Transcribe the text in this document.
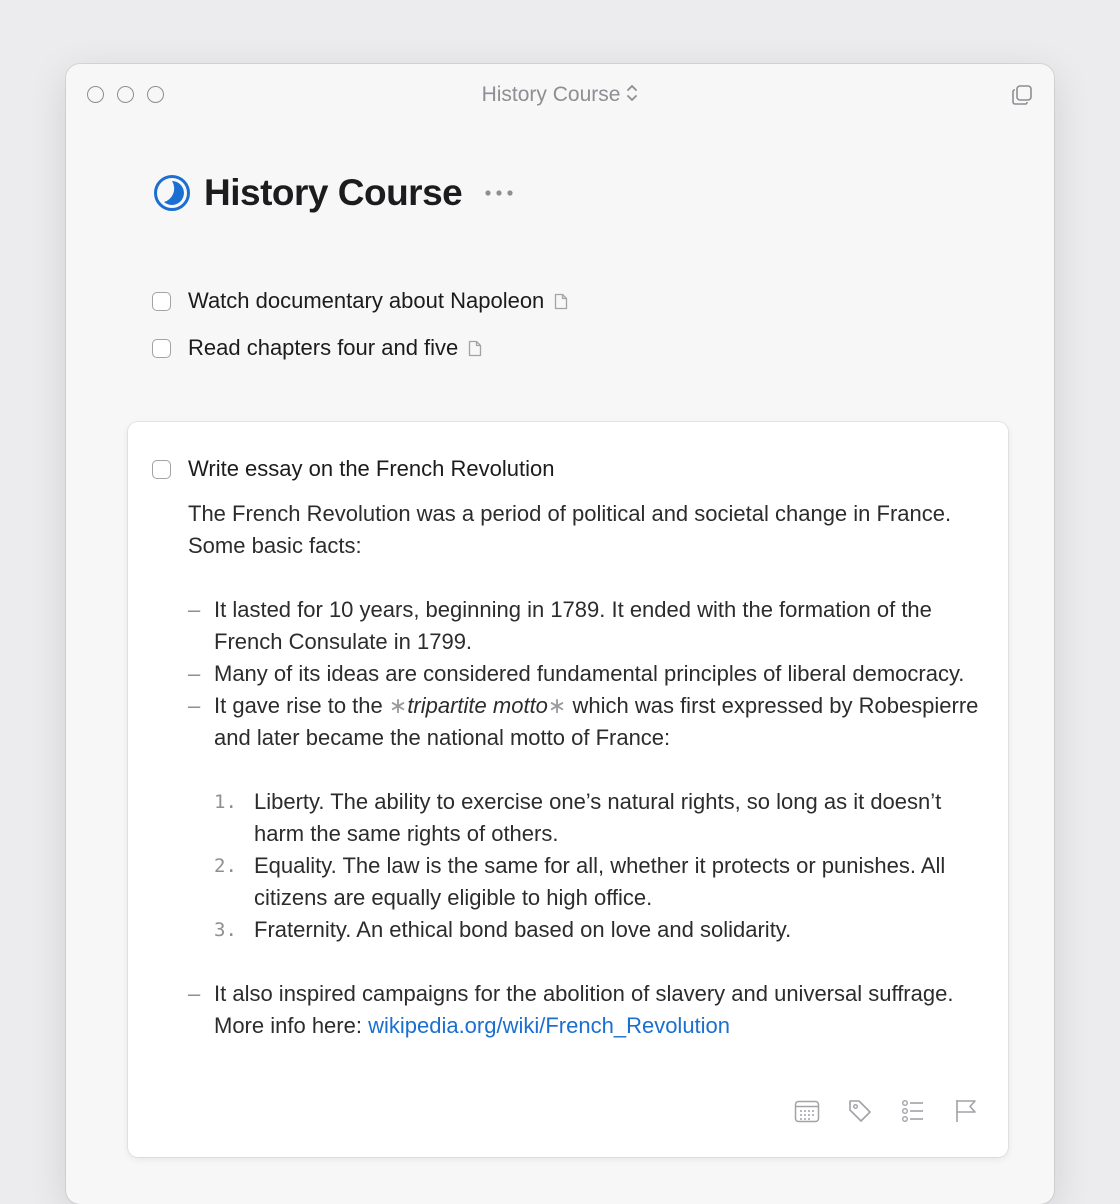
History Course
History Course
Watch documentary about Napoleon
Read chapters four and five
Write essay on the French Revolution

The French Revolution was a period of political and societal change in France. Some basic facts:

– It lasted for 10 years, beginning in 1789. It ended with the formation of the French Consulate in 1799.
– Many of its ideas are considered fundamental principles of liberal democracy.
– It gave rise to the ∗tripartite motto∗ which was first expressed by Robespierre and later became the national motto of France:
1. Liberty. The ability to exercise one’s natural rights, so long as it doesn’t harm the same rights of others.
2. Equality. The law is the same for all, whether it protects or punishes. All citizens are equally eligible to high office.
3. Fraternity. An ethical bond based on love and solidarity.
– It also inspired campaigns for the abolition of slavery and universal suffrage. More info here: wikipedia.org/wiki/French_Revolution
